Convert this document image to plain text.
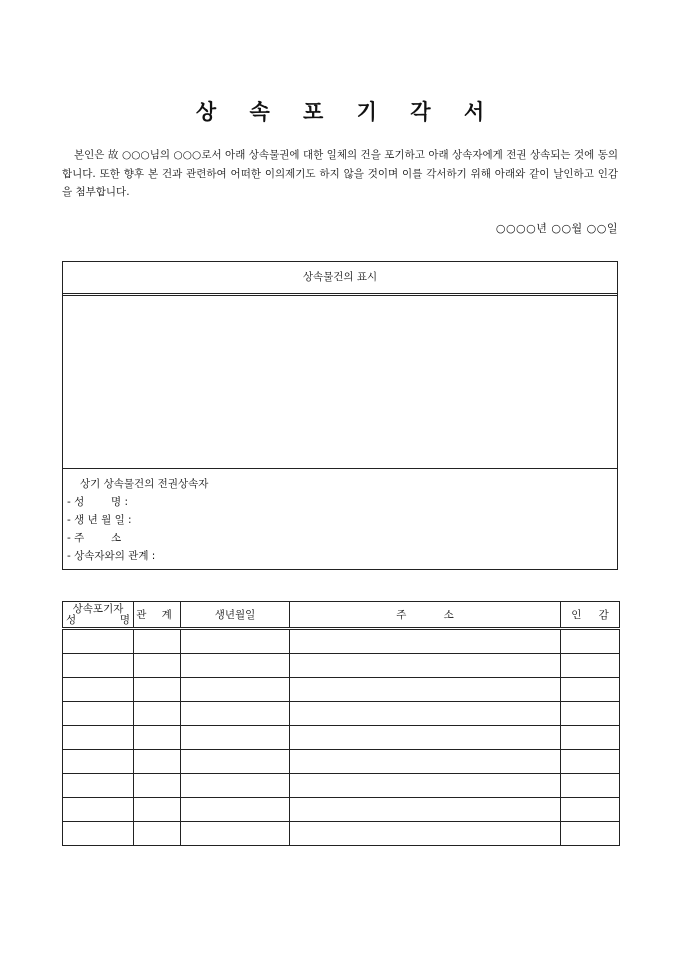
상 속 포 기 각 서
본인은 故 ○○○님의 ○○○로서 아래 상속물권에 대한 일체의 건을 포기하고 아래 상속자에게 전권 상속되는 것에 동의합니다. 또한 향후 본 건과 관련하여 어떠한 이의제기도 하지 않을 것이며 이를 각서하기 위해 아래와 같이 날인하고 인감을 첨부합니다.
○○○○년 ○○월 ○○일
상속물건의 표시
상기 상속물건의 전권상속자
- 성        명 :
- 생 년 월 일 :
- 주        소
- 상속자와의 관계 :
상속포기자
성 명	관 계	생년월일	주 소	인 감
